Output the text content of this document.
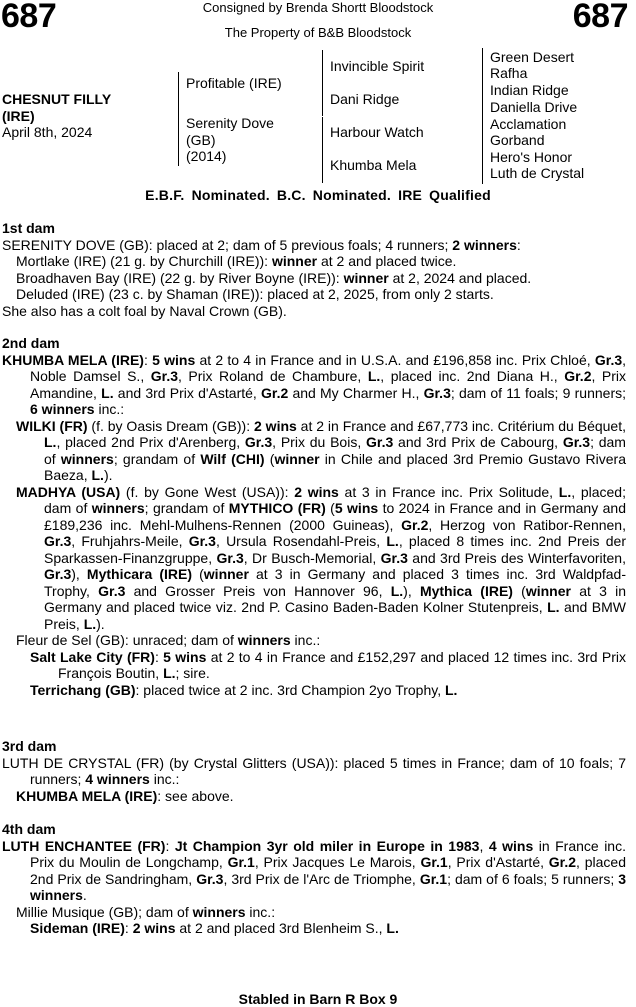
687	Consigned by Brenda Shortt Bloodstock
The Property of B&B Bloodstock	687
CHESNUT FILLY
(IRE)
April 8th, 2024
Profitable (IRE)
Serenity Dove
(GB)
(2014)
Invincible Spirit
Dani Ridge
Harbour Watch
Khumba Mela
Green Desert
Rafha
Indian Ridge
Daniella Drive
Acclamation
Gorband
Hero's Honor
Luth de Crystal
E.B.F. Nominated. B.C. Nominated. IRE Qualified
1st dam
SERENITY DOVE (GB): placed at 2; dam of 5 previous foals; 4 runners; 2 winners:
Mortlake (IRE) (21 g. by Churchill (IRE)): winner at 2 and placed twice.
Broadhaven Bay (IRE) (22 g. by River Boyne (IRE)): winner at 2, 2024 and placed.
Deluded (IRE) (23 c. by Shaman (IRE)): placed at 2, 2025, from only 2 starts.
She also has a colt foal by Naval Crown (GB).
2nd dam
KHUMBA MELA (IRE): 5 wins at 2 to 4 in France and in U.S.A. and £196,858 inc. Prix Chloé, Gr.3, Noble Damsel S., Gr.3, Prix Roland de Chambure, L., placed inc. 2nd Diana H., Gr.2, Prix Amandine, L. and 3rd Prix d'Astarté, Gr.2 and My Charmer H., Gr.3; dam of 11 foals; 9 runners; 6 winners inc.:
WILKI (FR) (f. by Oasis Dream (GB)): 2 wins at 2 in France and £67,773 inc. Critérium du Béquet, L., placed 2nd Prix d'Arenberg, Gr.3, Prix du Bois, Gr.3 and 3rd Prix de Cabourg, Gr.3; dam of winners; grandam of Wilf (CHI) (winner in Chile and placed 3rd Premio Gustavo Rivera Baeza, L.).
MADHYA (USA) (f. by Gone West (USA)): 2 wins at 3 in France inc. Prix Solitude, L., placed; dam of winners; grandam of MYTHICO (FR) (5 wins to 2024 in France and in Germany and £189,236 inc. Mehl-Mulhens-Rennen (2000 Guineas), Gr.2, Herzog von Ratibor-Rennen, Gr.3, Fruhjahrs-Meile, Gr.3, Ursula Rosendahl-Preis, L., placed 8 times inc. 2nd Preis der Sparkassen-Finanzgruppe, Gr.3, Dr Busch-Memorial, Gr.3 and 3rd Preis des Winterfavoriten, Gr.3), Mythicara (IRE) (winner at 3 in Germany and placed 3 times inc. 3rd Waldpfad-Trophy, Gr.3 and Grosser Preis von Hannover 96, L.), Mythica (IRE) (winner at 3 in Germany and placed twice viz. 2nd P. Casino Baden-Baden Kolner Stutenpreis, L. and BMW Preis, L.).
Fleur de Sel (GB): unraced; dam of winners inc.:
Salt Lake City (FR): 5 wins at 2 to 4 in France and £152,297 and placed 12 times inc. 3rd Prix François Boutin, L.; sire.
Terrichang (GB): placed twice at 2 inc. 3rd Champion 2yo Trophy, L.
3rd dam
LUTH DE CRYSTAL (FR) (by Crystal Glitters (USA)): placed 5 times in France; dam of 10 foals; 7 runners; 4 winners inc.:
KHUMBA MELA (IRE): see above.
4th dam
LUTH ENCHANTEE (FR): Jt Champion 3yr old miler in Europe in 1983, 4 wins in France inc. Prix du Moulin de Longchamp, Gr.1, Prix Jacques Le Marois, Gr.1, Prix d'Astarté, Gr.2, placed 2nd Prix de Sandringham, Gr.3, 3rd Prix de l'Arc de Triomphe, Gr.1; dam of 6 foals; 5 runners; 3 winners.
Millie Musique (GB); dam of winners inc.:
Sideman (IRE): 2 wins at 2 and placed 3rd Blenheim S., L.
Stabled in Barn R Box 9
